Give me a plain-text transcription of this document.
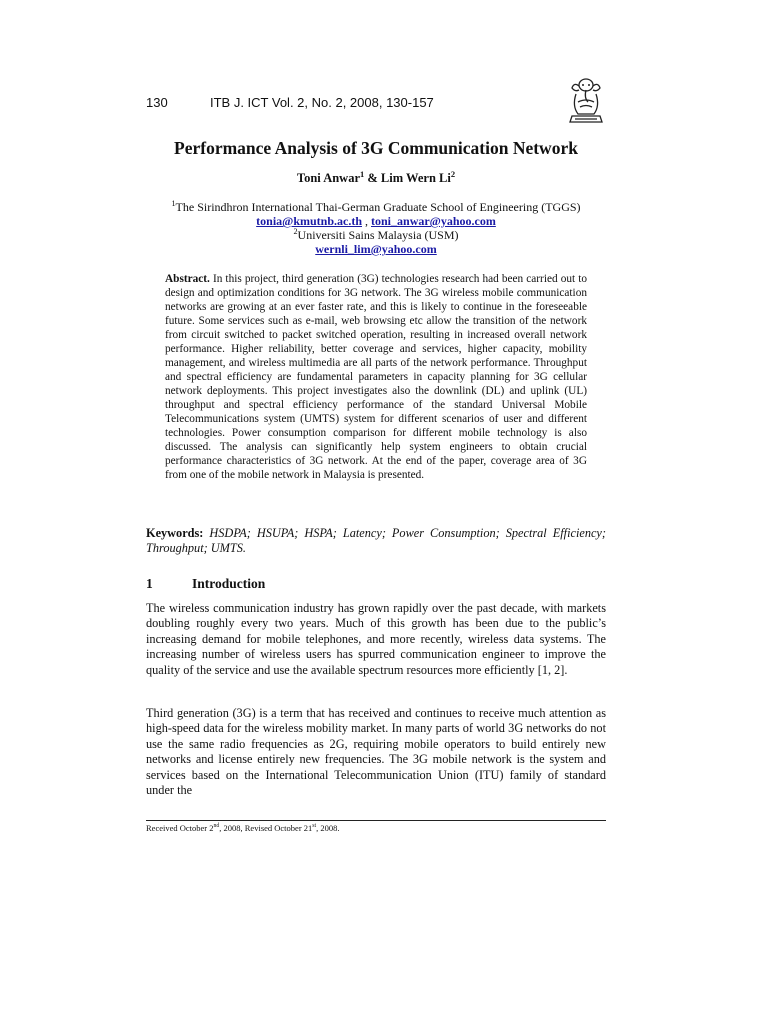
130	ITB J. ICT Vol. 2, No. 2, 2008, 130-157
Performance Analysis of 3G Communication Network
Toni Anwar$^1$ & Lim Wern Li$^2$
$^1$The Sirindhron International Thai-German Graduate School of Engineering (TGGS)
tonia@kmutnb.ac.th , toni_anwar@yahoo.com
$^2$Universiti Sains Malaysia (USM)
wernli_lim@yahoo.com
Abstract. In this project, third generation (3G) technologies research had been carried out to design and optimization conditions for 3G network. The 3G wireless mobile communication networks are growing at an ever faster rate, and this is likely to continue in the foreseeable future. Some services such as e-mail, web browsing etc allow the transition of the network from circuit switched to packet switched operation, resulting in increased overall network performance. Higher reliability, better coverage and services, higher capacity, mobility management, and wireless multimedia are all parts of the network performance. Throughput and spectral efficiency are fundamental parameters in capacity planning for 3G cellular network deployments. This project investigates also the downlink (DL) and uplink (UL) throughput and spectral efficiency performance of the standard Universal Mobile Telecommunications system (UMTS) system for different scenarios of user and different technologies. Power consumption comparison for different mobile technology is also discussed. The analysis can significantly help system engineers to obtain crucial performance characteristics of 3G network. At the end of the paper, coverage area of 3G from one of the mobile network in Malaysia is presented.
Keywords: HSDPA; HSUPA; HSPA; Latency; Power Consumption; Spectral Efficiency; Throughput; UMTS.
1	Introduction
The wireless communication industry has grown rapidly over the past decade, with markets doubling roughly every two years. Much of this growth has been due to the public’s increasing demand for mobile telephones, and more recently, wireless data systems. The increasing number of wireless users has spurred communication engineer to improve the quality of the service and use the available spectrum resources more efficiently [1, 2].
Third generation (3G) is a term that has received and continues to receive much attention as high-speed data for the wireless mobility market. In many parts of world 3G networks do not use the same radio frequencies as 2G, requiring mobile operators to build entirely new networks and license entirely new frequencies. The 3G mobile network is the system and services based on the International Telecommunication Union (ITU) family of standard under the
Received October 2nd, 2008, Revised October 21st, 2008.
